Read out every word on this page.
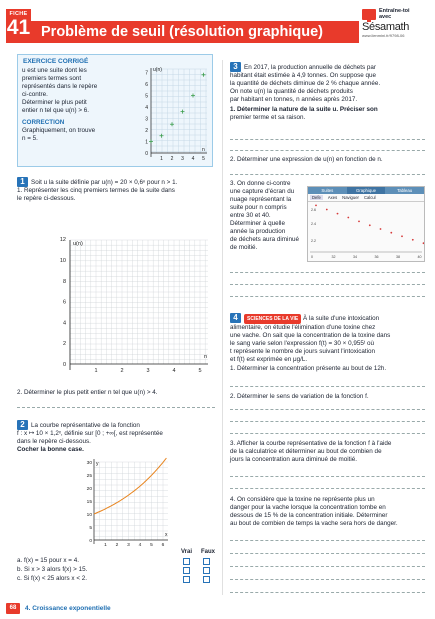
FICHE
41 Problème de seuil (résolution graphique)
Entraîne-toi
avec
Sésamath
www.lienmini.fr/9798-06
EXERCICE CORRIGÉ
u est une suite dont les
premiers termes sont
représentés dans le repère
ci-contre.
Déterminer le plus petit
entier n tel que u(n) > 6.
CORRECTION
Graphiquement, on trouve
n = 5.
u(n)
n
7
6
5
4
3
2
1
0
1 2 3 4 5
1 Soit u la suite définie par u(n) = 20 × 0,6ⁿ pour n > 1.
1. Représenter les cinq premiers termes de la suite dans
le repère ci-dessous.
u(n)
n
12
10
8
6
4
2
0
1	2	3	4	5
2. Déterminer le plus petit entier n tel que u(n) > 4.
2 La courbe représentative de la fonction
f : x ↦ 10 × 1,2ˣ, définie sur [0 ; +∞[, est représentée
dans le repère ci-dessous.
Cocher la bonne case.
y
x
30
25
20
15
10
5
0
1 2 3 4 5 6
Vrai Faux
a. f(x) = 15 pour x = 4.
b. Si x > 3 alors f(x) > 15.
c. Si f(x) < 25 alors x < 2.
3 En 2017, la production annuelle de déchets par
habitant était estimée à 4,9 tonnes. On suppose que
la quantité de déchets diminue de 2 % chaque année.
On note u(n) la quantité de déchets produits
par habitant en tonnes, n années après 2017.
1. Déterminer la nature de la suite u. Préciser son
premier terme et sa raison.
2. Déterminer une expression de u(n) en fonction de n.
3. On donne ci-contre
une capture d'écran du
nuage représentant la
suite pour n compris
entre 30 et 40.
Déterminer à quelle
année la production
de déchets aura diminué
de moitié.
Suites	Graphique	Tableau
Defe	Axes Naviguer Calcul
2.6
2.4
2.2
0	32	34	36	38	40
4 SCIENCES DE LA VIE À la suite d'une intoxication
alimentaire, on étudie l'élimination d'une toxine chez
une vache. On sait que la concentration de la toxine dans
le sang varie selon l'expression f(t) = 30 × 0,955ᵗ où
t représente le nombre de jours suivant l'intoxication
et f(t) est exprimée en μg/L.
1. Déterminer la concentration présente au bout de 12h.
2. Déterminer le sens de variation de la fonction f.
3. Afficher la courbe représentative de la fonction f à l'aide
de la calculatrice et déterminer au bout de combien de
jours la concentration aura diminué de moitié.
4. On considère que la toxine ne représente plus un
danger pour la vache lorsque la concentration tombe en
dessous de 15 % de la concentration initiale. Déterminer
au bout de combien de temps la vache sera hors de danger.
68	4. Croissance exponentielle
